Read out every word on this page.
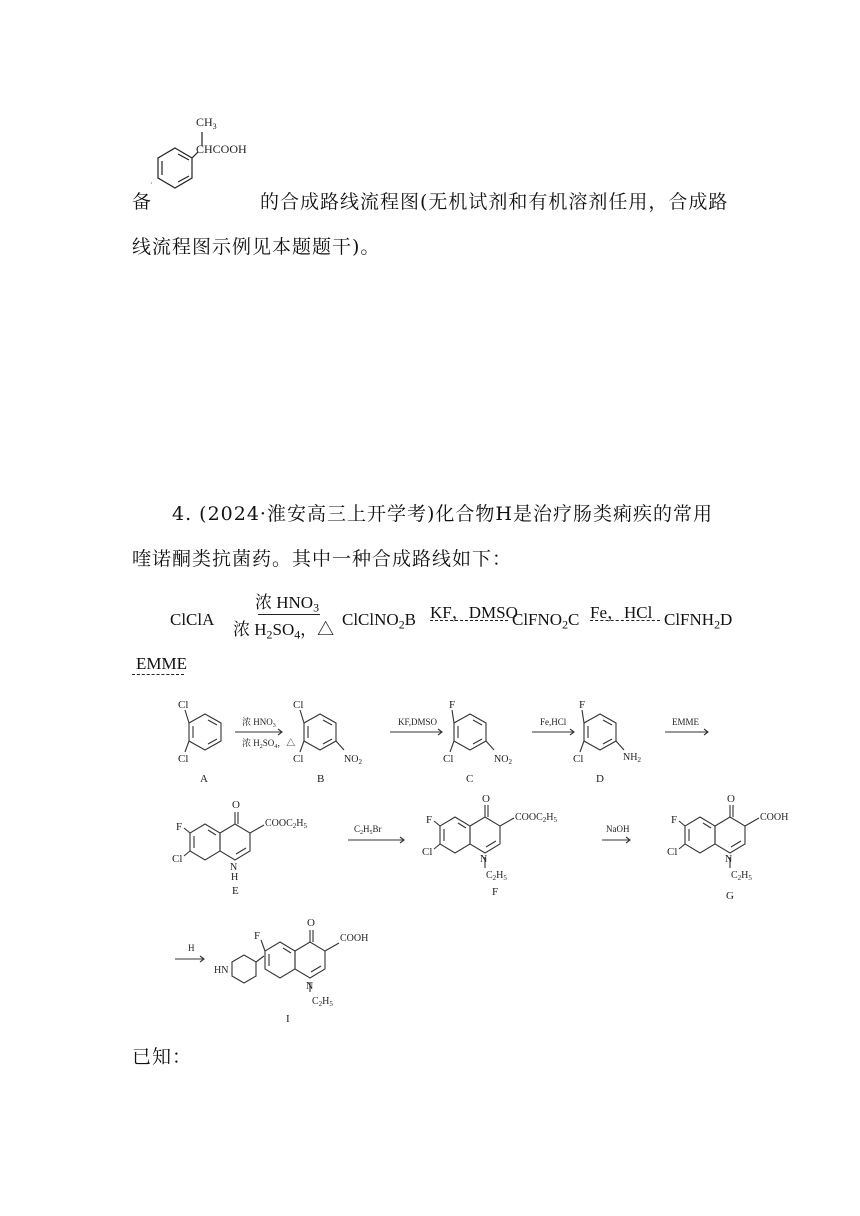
$CH_3$
CHCOOH
·
备	的合成路线流程图(无机试剂和有机溶剂任用，合成路
线流程图示例见本题题干)。
4. (2024·淮安高三上开学考)化合物H是治疗肠类痢疾的常用
喹诺酮类抗菌药。其中一种合成路线如下：
浓 $HNO_3$
ClClA
浓 $H_2SO_4$，△
ClClNO$_2$B KF，DMSO
ClFNO$_2$C Fe，HCl ClFNH$_2$D
EMME
Cl
Cl
A
浓 $HNO_3$
浓 $H_2SO_4$，△
Cl
Cl	$NO_2$
B
KF,DMSO
F
Cl	$NO_2$
C
Fe,HCl
F
Cl	$NH_2$
D
EMME
O
$COOC_2H_5$
F
Cl
N
H
E
$C_2H_5Br$
O
$COOC_2H_5$
F
Cl
N
$C_2H_5$
F
NaOH
O
COOH
F
Cl
N
$C_2H_5$
G
H
HN
O
COOH
F
N
$C_2H_5$
I
已知：
